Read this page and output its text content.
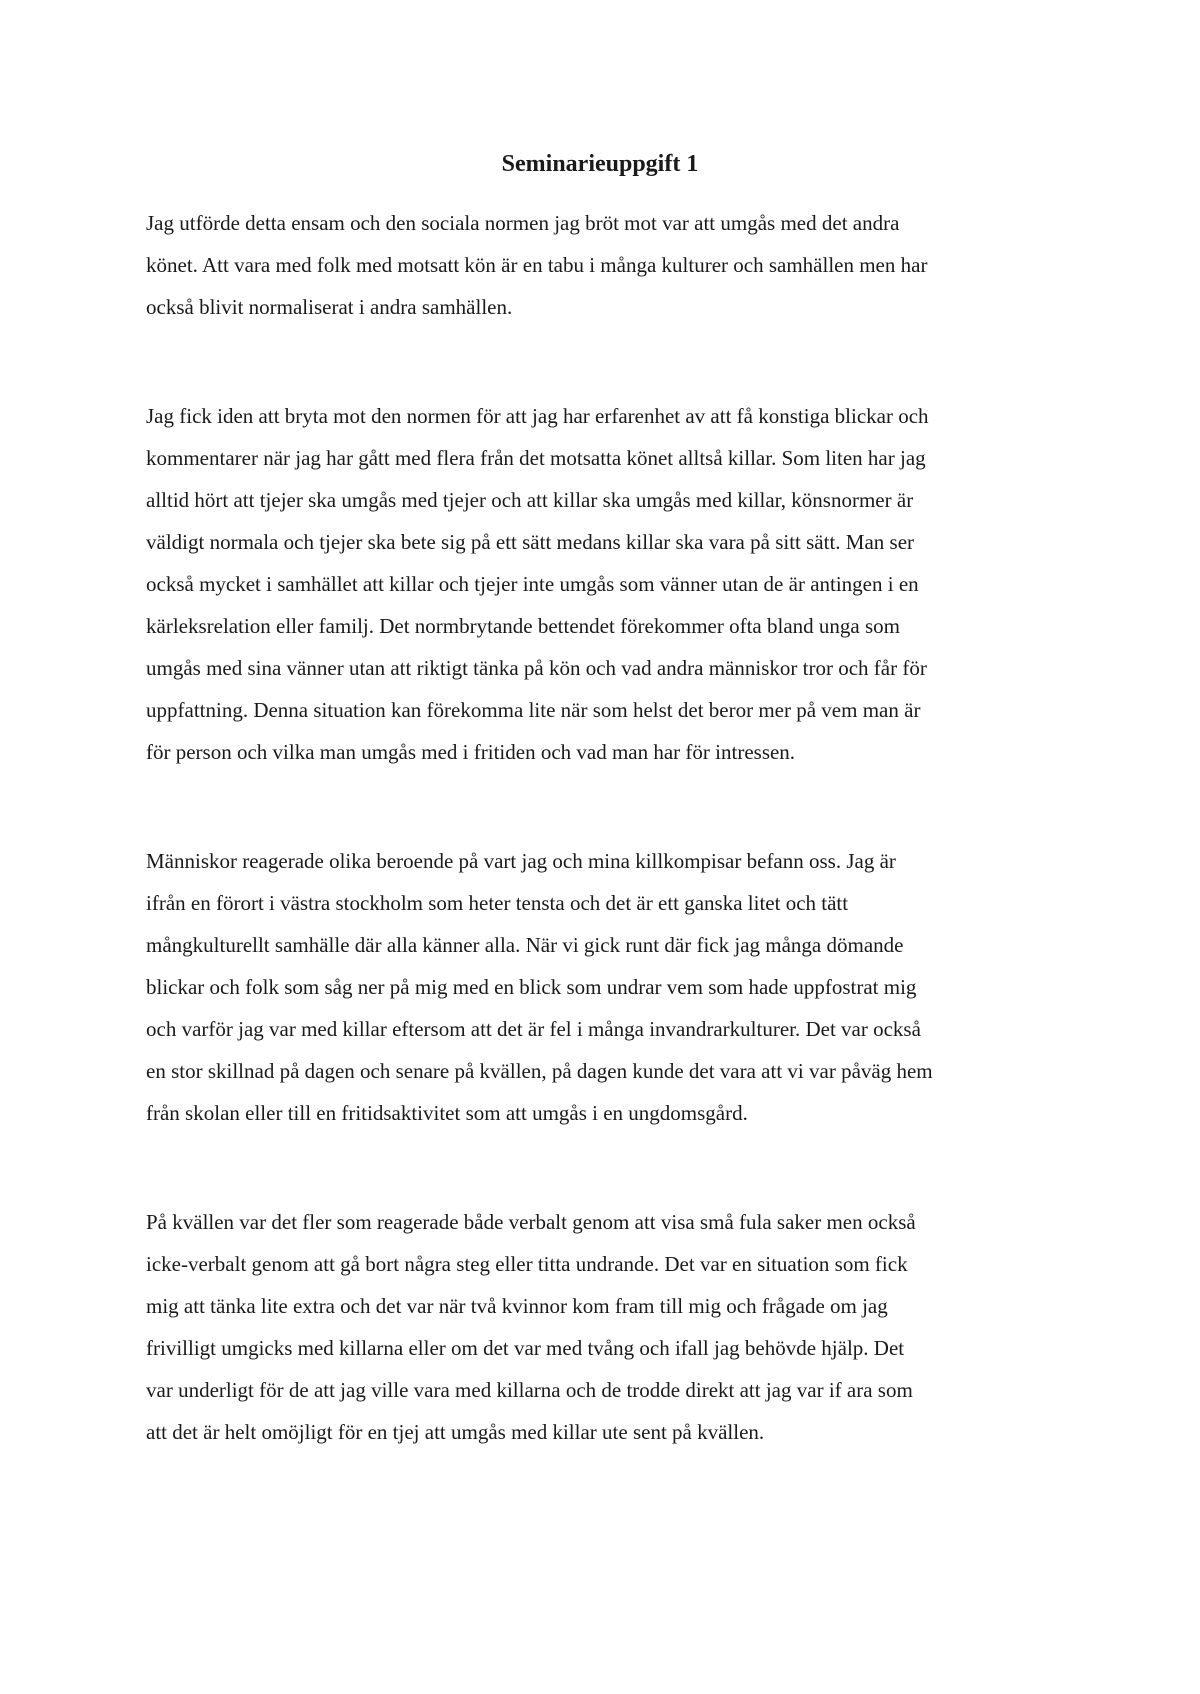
Seminarieuppgift 1

Jag utförde detta ensam och den sociala normen jag bröt mot var att umgås med det andra
könet. Att vara med folk med motsatt kön är en tabu i många kulturer och samhällen men har
också blivit normaliserat i andra samhällen.

Jag fick iden att bryta mot den normen för att jag har erfarenhet av att få konstiga blickar och
kommentarer när jag har gått med flera från det motsatta könet alltså killar. Som liten har jag
alltid hört att tjejer ska umgås med tjejer och att killar ska umgås med killar, könsnormer är
väldigt normala och tjejer ska bete sig på ett sätt medans killar ska vara på sitt sätt. Man ser
också mycket i samhället att killar och tjejer inte umgås som vänner utan de är antingen i en
kärleksrelation eller familj. Det normbrytande bettendet förekommer ofta bland unga som
umgås med sina vänner utan att riktigt tänka på kön och vad andra människor tror och får för
uppfattning. Denna situation kan förekomma lite när som helst det beror mer på vem man är
för person och vilka man umgås med i fritiden och vad man har för intressen.

Människor reagerade olika beroende på vart jag och mina killkompisar befann oss. Jag är
ifrån en förort i västra stockholm som heter tensta och det är ett ganska litet och tätt
mångkulturellt samhälle där alla känner alla. När vi gick runt där fick jag många dömande
blickar och folk som såg ner på mig med en blick som undrar vem som hade uppfostrat mig
och varför jag var med killar eftersom att det är fel i många invandrarkulturer. Det var också
en stor skillnad på dagen och senare på kvällen, på dagen kunde det vara att vi var påväg hem
från skolan eller till en fritidsaktivitet som att umgås i en ungdomsgård.

På kvällen var det fler som reagerade både verbalt genom att visa små fula saker men också
icke-verbalt genom att gå bort några steg eller titta undrande. Det var en situation som fick
mig att tänka lite extra och det var när två kvinnor kom fram till mig och frågade om jag
frivilligt umgicks med killarna eller om det var med tvång och ifall jag behövde hjälp. Det
var underligt för de att jag ville vara med killarna och de trodde direkt att jag var if ara som
att det är helt omöjligt för en tjej att umgås med killar ute sent på kvällen.
